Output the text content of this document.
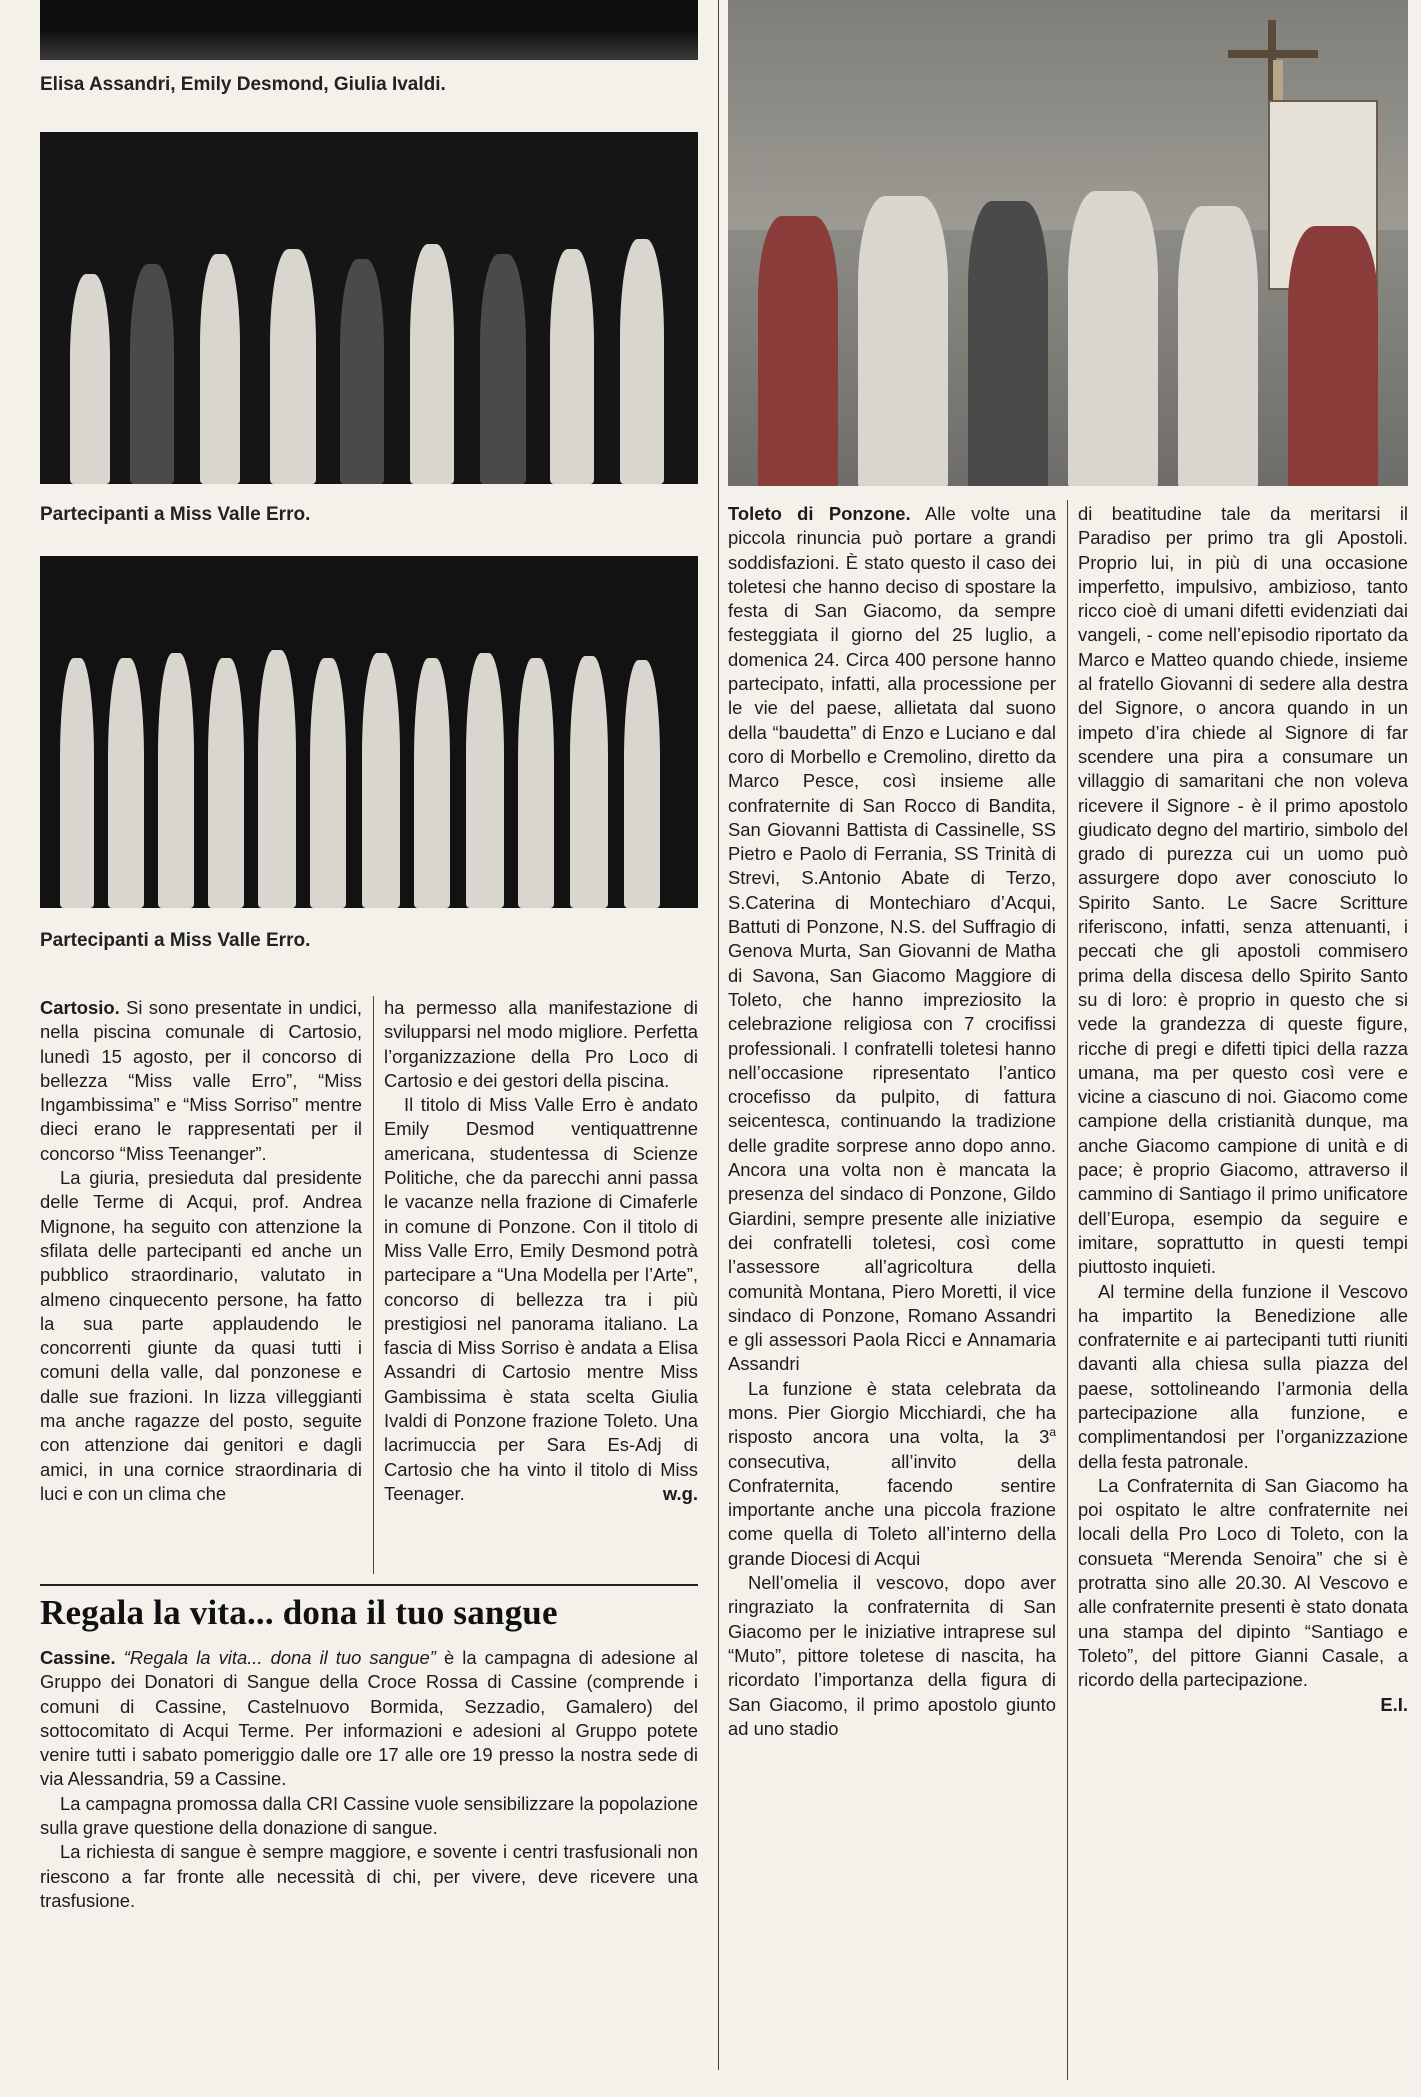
Elisa Assandri, Emily Desmond, Giulia Ivaldi.
Partecipanti a Miss Valle Erro.
Partecipanti a Miss Valle Erro.

Cartosio. Si sono presentate in undici, nella piscina comunale di Cartosio, lunedì 15 agosto, per il concorso di bellezza “Miss valle Erro”, “Miss Ingambissima” e “Miss Sorriso” mentre dieci erano le rappresentati per il concorso “Miss Teenanger”.

La giuria, presieduta dal presidente delle Terme di Acqui, prof. Andrea Mignone, ha seguito con attenzione la sfilata delle partecipanti ed anche un pubblico straordinario, valutato in almeno cinquecento persone, ha fatto la sua parte applaudendo le concorrenti giunte da quasi tutti i comuni della valle, dal ponzonese e dalle sue frazioni. In lizza villeggianti ma anche ragazze del posto, seguite con attenzione dai genitori e dagli amici, in una cornice straordinaria di luci e con un clima che

ha permesso alla manifestazione di svilupparsi nel modo migliore. Perfetta l’organizzazione della Pro Loco di Cartosio e dei gestori della piscina.

Il titolo di Miss Valle Erro è andato Emily Desmod ventiquattrenne americana, studentessa di Scienze Politiche, che da parecchi anni passa le vacanze nella frazione di Cimaferle in comune di Ponzone. Con il titolo di Miss Valle Erro, Emily Desmond potrà partecipare a “Una Modella per l’Arte”, concorso di bellezza tra i più prestigiosi nel panorama italiano. La fascia di Miss Sorriso è andata a Elisa Assandri di Cartosio mentre Miss Gambissima è stata scelta Giulia Ivaldi di Ponzone frazione Toleto. Una lacrimuccia per Sara Es-Adj di Cartosio che ha vinto il titolo di Miss Teenager.	w.g.

Regala la vita... dona il tuo sangue

Cassine. “Regala la vita... dona il tuo sangue” è la campagna di adesione al Gruppo dei Donatori di Sangue della Croce Rossa di Cassine (comprende i comuni di Cassine, Castelnuovo Bormida, Sezzadio, Gamalero) del sottocomitato di Acqui Terme. Per informazioni e adesioni al Gruppo potete venire tutti i sabato pomeriggio dalle ore 17 alle ore 19 presso la nostra sede di via Alessandria, 59 a Cassine.

La campagna promossa dalla CRI Cassine vuole sensibilizzare la popolazione sulla grave questione della donazione di sangue.

La richiesta di sangue è sempre maggiore, e sovente i centri trasfusionali non riescono a far fronte alle necessità di chi, per vivere, deve ricevere una trasfusione.

Toleto di Ponzone. Alle volte una piccola rinuncia può portare a grandi soddisfazioni. È stato questo il caso dei toletesi che hanno deciso di spostare la festa di San Giacomo, da sempre festeggiata il giorno del 25 luglio, a domenica 24. Circa 400 persone hanno partecipato, infatti, alla processione per le vie del paese, allietata dal suono della “baudetta” di Enzo e Luciano e dal coro di Morbello e Cremolino, diretto da Marco Pesce, così insieme alle confraternite di San Rocco di Bandita, San Giovanni Battista di Cassinelle, SS Pietro e Paolo di Ferrania, SS Trinità di Strevi, S.Antonio Abate di Terzo, S.Caterina di Montechiaro d’Acqui, Battuti di Ponzone, N.S. del Suffragio di Genova Murta, San Giovanni de Matha di Savona, San Giacomo Maggiore di Toleto, che hanno impreziosito la celebrazione religiosa con 7 crocifissi professionali. I confratelli toletesi hanno nell’occasione ripresentato l’antico crocefisso da pulpito, di fattura seicentesca, continuando la tradizione delle gradite sorprese anno dopo anno. Ancora una volta non è mancata la presenza del sindaco di Ponzone, Gildo Giardini, sempre presente alle iniziative dei confratelli toletesi, così come l’assessore all’agricoltura della comunità Montana, Piero Moretti, il vice sindaco di Ponzone, Romano Assandri e gli assessori Paola Ricci e Annamaria Assandri

La funzione è stata celebrata da mons. Pier Giorgio Micchiardi, che ha risposto ancora una volta, la 3$^a$ consecutiva, all’invito della Confraternita, facendo sentire importante anche una piccola frazione come quella di Toleto all’interno della grande Diocesi di Acqui

Nell’omelia il vescovo, dopo aver ringraziato la confraternita di San Giacomo per le iniziative intraprese sul “Muto”, pittore toletese di nascita, ha ricordato l’importanza della figura di San Giacomo, il primo apostolo giunto ad uno stadio

di beatitudine tale da meritarsi il Paradiso per primo tra gli Apostoli. Proprio lui, in più di una occasione imperfetto, impulsivo, ambizioso, tanto ricco cioè di umani difetti evidenziati dai vangeli, - come nell’episodio riportato da Marco e Matteo quando chiede, insieme al fratello Giovanni di sedere alla destra del Signore, o ancora quando in un impeto d’ira chiede al Signore di far scendere una pira a consumare un villaggio di samaritani che non voleva ricevere il Signore - è il primo apostolo giudicato degno del martirio, simbolo del grado di purezza cui un uomo può assurgere dopo aver conosciuto lo Spirito Santo. Le Sacre Scritture riferiscono, infatti, senza attenuanti, i peccati che gli apostoli commisero prima della discesa dello Spirito Santo su di loro: è proprio in questo che si vede la grandezza di queste figure, ricche di pregi e difetti tipici della razza umana, ma per questo così vere e vicine a ciascuno di noi. Giacomo come campione della cristianità dunque, ma anche Giacomo campione di unità e di pace; è proprio Giacomo, attraverso il cammino di Santiago il primo unificatore dell’Europa, esempio da seguire e imitare, soprattutto in questi tempi piuttosto inquieti.

Al termine della funzione il Vescovo ha impartito la Benedizione alle confraternite e ai partecipanti tutti riuniti davanti alla chiesa sulla piazza del paese, sottolineando l’armonia della partecipazione alla funzione, e complimentandosi per l’organizzazione della festa patronale.

La Confraternita di San Giacomo ha poi ospitato le altre confraternite nei locali della Pro Loco di Toleto, con la consueta “Merenda Senoira” che si è protratta sino alle 20.30. Al Vescovo e alle confraternite presenti è stato donata una stampa del dipinto “Santiago e Toleto”, del pittore Gianni Casale, a ricordo della partecipazione.

E.I.
